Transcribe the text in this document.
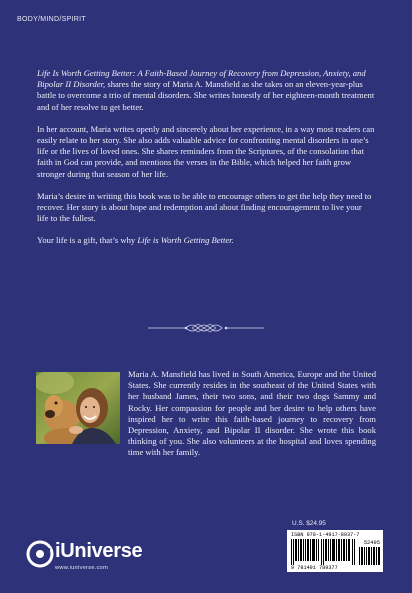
BODY/MIND/SPIRIT

Life Is Worth Getting Better: A Faith-Based Journey of Recovery from Depression, Anxiety, and Bipolar II Disorder, shares the story of Maria A. Mansfield as she takes on an eleven-year-plus battle to overcome a trio of mental disorders. She writes honestly of her eighteen-month treatment and of her resolve to get better.

In her account, Maria writes openly and sincerely about her experience, in a way most readers can easily relate to her story. She also adds valuable advice for confronting mental disorders in one’s life or the lives of loved ones. She shares reminders from the Scriptures, of the consolation that faith in God can provide, and mentions the verses in the Bible, which helped her faith grow stronger during that season of her life.

Maria’s desire in writing this book was to be able to encourage others to get the help they need to recover. Her story is about hope and redemption and about finding encouragement to live your life to the fullest.

Your life is a gift, that’s why Life is Worth Getting Better.

Maria A. Mansfield has lived in South America, Europe and the United States. She currently resides in the southeast of the United States with her husband James, their two sons, and their two dogs Sammy and Rocky. Her compassion for people and her desire to help others have inspired her to write this faith-based journey to recovery from Depression, Anxiety, and Bipolar II disorder. She wrote this book thinking of you. She also volunteers at the hospital and loves spending time with her family.
U.S. $24.95
ISBN 978-1-4917-8937-7
52495
9 781491 789377
iUniverse
www.iuniverse.com
